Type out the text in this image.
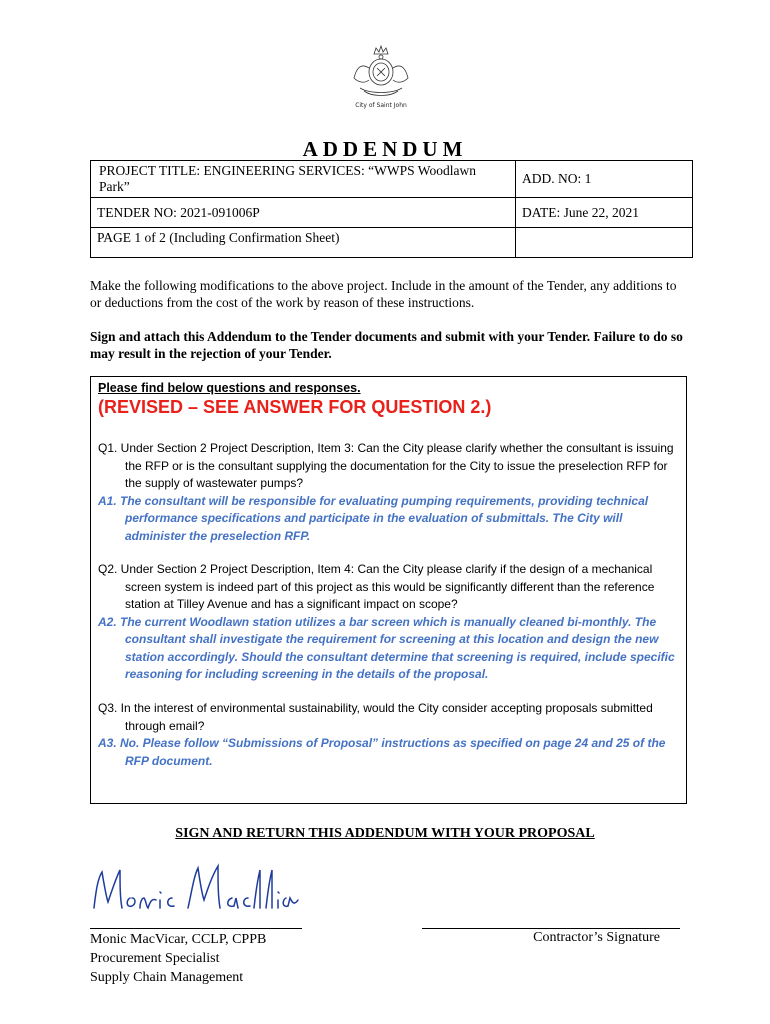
City of Saint John
ADDENDUM
PROJECT TITLE: ENGINEERING SERVICES: “WWPS Woodlawn Park”	ADD. NO: 1
TENDER NO: 2021-091006P	DATE: June 22, 2021
PAGE 1 of 2 (Including Confirmation Sheet)	
Make the following modifications to the above project. Include in the amount of the Tender, any additions to or deductions from the cost of the work by reason of these instructions.
Sign and attach this Addendum to the Tender documents and submit with your Tender. Failure to do so may result in the rejection of your Tender.
Please find below questions and responses.
(REVISED – SEE ANSWER FOR QUESTION 2.)

Q1. Under Section 2 Project Description, Item 3: Can the City please clarify whether the consultant is issuing the RFP or is the consultant supplying the documentation for the City to issue the preselection RFP for the supply of wastewater pumps?

A1. The consultant will be responsible for evaluating pumping requirements, providing technical performance specifications and participate in the evaluation of submittals. The City will administer the preselection RFP.

Q2. Under Section 2 Project Description, Item 4: Can the City please clarify if the design of a mechanical screen system is indeed part of this project as this would be significantly different than the reference station at Tilley Avenue and has a significant impact on scope?

A2. The current Woodlawn station utilizes a bar screen which is manually cleaned bi-monthly. The consultant shall investigate the requirement for screening at this location and design the new station accordingly. Should the consultant determine that screening is required, include specific reasoning for including screening in the details of the proposal.

Q3. In the interest of environmental sustainability, would the City consider accepting proposals submitted through email?

A3. No. Please follow “Submissions of Proposal” instructions as specified on page 24 and 25 of the RFP document.

SIGN AND RETURN THIS ADDENDUM WITH YOUR PROPOSAL
Monic MacVicar, CCLP, CPPB
Procurement Specialist
Supply Chain Management
Contractor’s Signature
